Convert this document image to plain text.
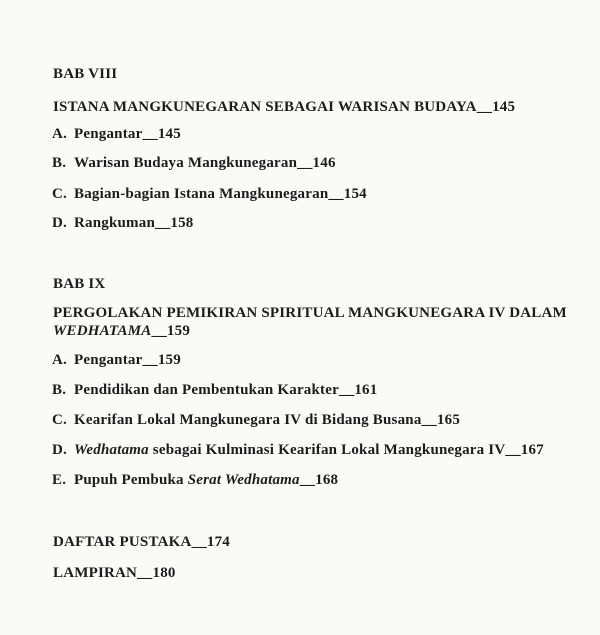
BAB VIII
ISTANA MANGKUNEGARAN SEBAGAI WARISAN BUDAYA__145
A. Pengantar__145
B. Warisan Budaya Mangkunegaran__146
C. Bagian-bagian Istana Mangkunegaran__154
D. Rangkuman__158
BAB IX
PERGOLAKAN PEMIKIRAN SPIRITUAL MANGKUNEGARA IV DALAM
WEDHATAMA__159
A. Pengantar__159
B. Pendidikan dan Pembentukan Karakter__161
C. Kearifan Lokal Mangkunegara IV di Bidang Busana__165
D. Wedhatama sebagai Kulminasi Kearifan Lokal Mangkunegara IV__167
E. Pupuh Pembuka Serat Wedhatama__168
DAFTAR PUSTAKA__174
LAMPIRAN__180
